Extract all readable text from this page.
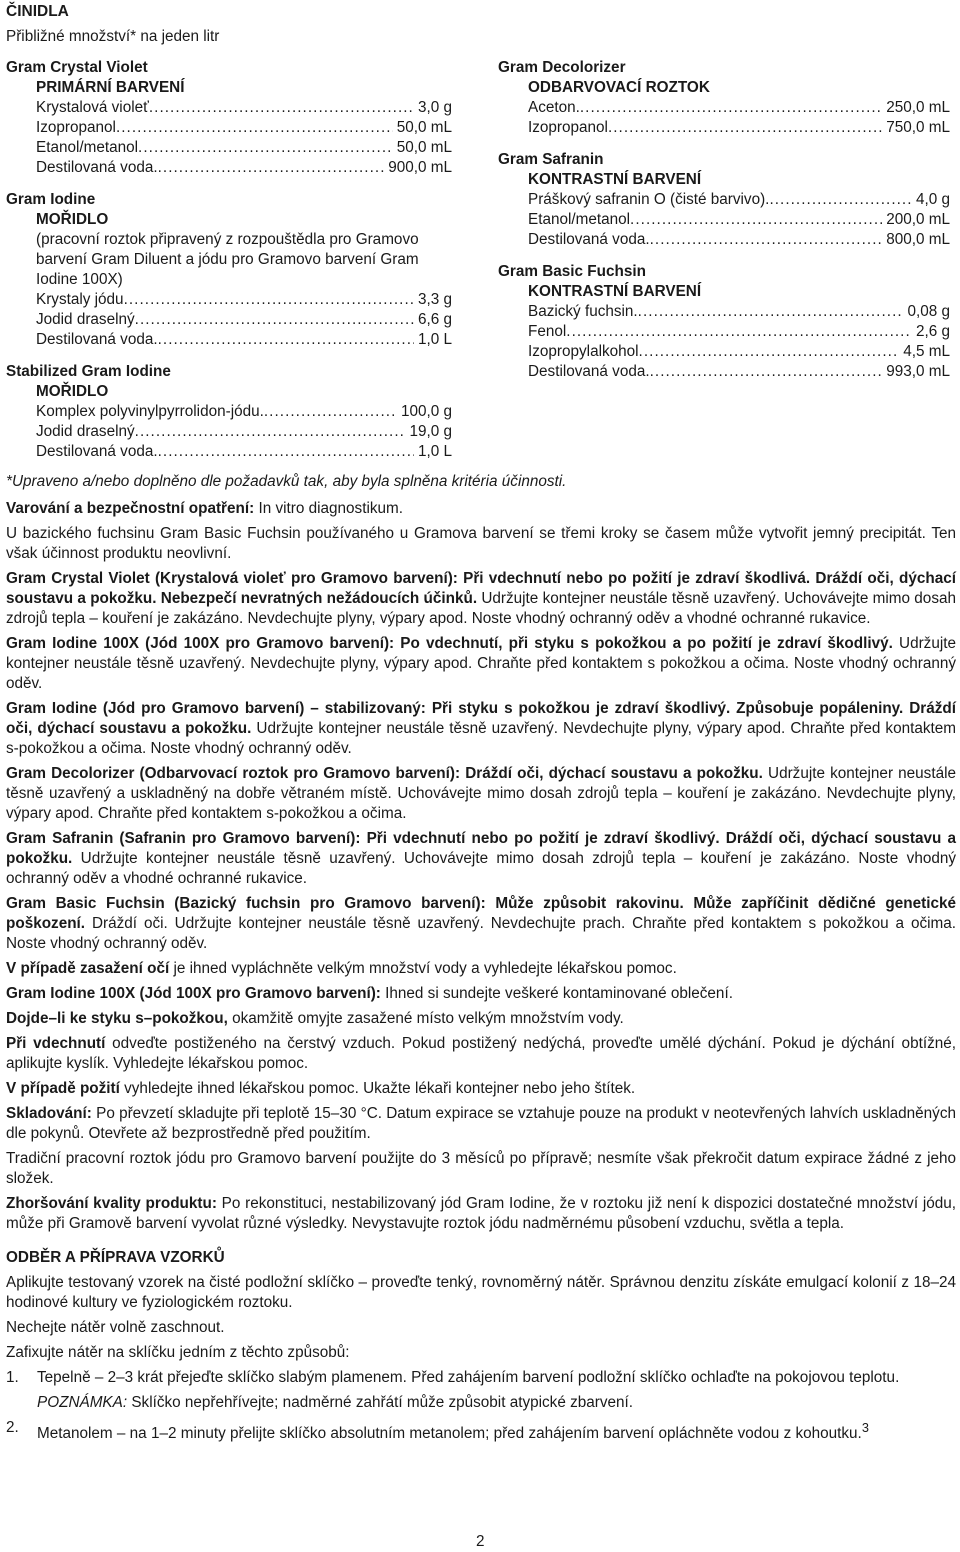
ČINIDLA
Přibližné množství* na jeden litr
Gram Crystal Violet
PRIMÁRNÍ BARVENÍ
Krystalová violeť . . .	3,0 g
Izopropanol . . .	50,0 mL
Etanol/metanol . . .	50,0 mL
Destilovaná voda. . . .	900,0 mL
Gram Iodine
MOŘIDLO
(pracovní roztok připravený z rozpouštědla pro Gramovo barvení Gram Diluent a jódu pro Gramovo barvení Gram Iodine 100X)
Krystaly jódu . . .	3,3 g
Jodid draselný . . .	6,6 g
Destilovaná voda. . . .	1,0 L
Stabilized Gram Iodine
MOŘIDLO
Komplex polyvinylpyrrolidon-jódu. . . .	100,0 g
Jodid draselný . . .	19,0 g
Destilovaná voda. . . .	1,0 L
Gram Decolorizer
ODBARVOVACÍ ROZTOK
Aceton. . . .	250,0 mL
Izopropanol . . .	750,0 mL
Gram Safranin
KONTRASTNÍ BARVENÍ
Práškový safranin O (čisté barvivo). . . .	4,0 g
Etanol/metanol . . .	200,0 mL
Destilovaná voda. . . .	800,0 mL
Gram Basic Fuchsin
KONTRASTNÍ BARVENÍ
Bazický fuchsin. . . .	0,08 g
Fenol . . .	2,6 g
Izopropylalkohol . . .	4,5 mL
Destilovaná voda. . . .	993,0 mL
*Upraveno a/nebo doplněno dle požadavků tak, aby byla splněna kritéria účinnosti.
Varování a bezpečnostní opatření: In vitro diagnostikum.
U bazického fuchsinu Gram Basic Fuchsin používaného u Gramova barvení se třemi kroky se časem může vytvořit jemný precipitát. Ten však účinnost produktu neovlivní.
Gram Crystal Violet (Krystalová violeť pro Gramovo barvení): Při vdechnutí nebo po požití je zdraví škodlivá. Dráždí oči, dýchací soustavu a pokožku. Nebezpečí nevratných nežádoucích účinků. Udržujte kontejner neustále těsně uzavřený. Uchovávejte mimo dosah zdrojů tepla – kouření je zakázáno. Nevdechujte plyny, výpary apod. Noste vhodný ochranný oděv a vhodné ochranné rukavice.
Gram Iodine 100X (Jód 100X pro Gramovo barvení): Po vdechnutí, při styku s pokožkou a po požití je zdraví škodlivý. Udržujte kontejner neustále těsně uzavřený. Nevdechujte plyny, výpary apod. Chraňte před kontaktem s pokožkou a očima. Noste vhodný ochranný oděv.
Gram Iodine (Jód pro Gramovo barvení) – stabilizovaný: Při styku s pokožkou je zdraví škodlivý. Způsobuje popáleniny. Dráždí oči, dýchací soustavu a pokožku. Udržujte kontejner neustále těsně uzavřený. Nevdechujte plyny, výpary apod. Chraňte před kontaktem s-pokožkou a očima. Noste vhodný ochranný oděv.
Gram Decolorizer (Odbarvovací roztok pro Gramovo barvení): Dráždí oči, dýchací soustavu a pokožku. Udržujte kontejner neustále těsně uzavřený a uskladněný na dobře větraném místě. Uchovávejte mimo dosah zdrojů tepla – kouření je zakázáno. Nevdechujte plyny, výpary apod. Chraňte před kontaktem s-pokožkou a očima.
Gram Safranin (Safranin pro Gramovo barvení): Při vdechnutí nebo po požití je zdraví škodlivý. Dráždí oči, dýchací soustavu a pokožku. Udržujte kontejner neustále těsně uzavřený. Uchovávejte mimo dosah zdrojů tepla – kouření je zakázáno. Noste vhodný ochranný oděv a vhodné ochranné rukavice.
Gram Basic Fuchsin (Bazický fuchsin pro Gramovo barvení): Může způsobit rakovinu. Může zapříčinit dědičné genetické poškození. Dráždí oči. Udržujte kontejner neustále těsně uzavřený. Nevdechujte prach. Chraňte před kontaktem s pokožkou a očima. Noste vhodný ochranný oděv.
V případě zasažení očí je ihned vypláchněte velkým množství vody a vyhledejte lékařskou pomoc.
Gram Iodine 100X (Jód 100X pro Gramovo barvení): Ihned si sundejte veškeré kontaminované oblečení.
Dojde–li ke styku s–pokožkou, okamžitě omyjte zasažené místo velkým množstvím vody.
Při vdechnutí odveďte postiženého na čerstvý vzduch. Pokud postižený nedýchá, proveďte umělé dýchání. Pokud je dýchání obtížné, aplikujte kyslík. Vyhledejte lékařskou pomoc.
V případě požití vyhledejte ihned lékařskou pomoc. Ukažte lékaři kontejner nebo jeho štítek.
Skladování: Po převzetí skladujte při teplotě 15–30 °C. Datum expirace se vztahuje pouze na produkt v neotevřených lahvích uskladněných dle pokynů. Otevřete až bezprostředně před použitím.
Tradiční pracovní roztok jódu pro Gramovo barvení použijte do 3 měsíců po přípravě; nesmíte však překročit datum expirace žádné z jeho složek.
Zhoršování kvality produktu: Po rekonstituci, nestabilizovaný jód Gram Iodine, že v roztoku již není k dispozici dostatečné množství jódu, může při Gramově barvení vyvolat různé výsledky. Nevystavujte roztok jódu nadměrnému působení vzduchu, světla a tepla.
ODBĚR A PŘÍPRAVA VZORKŮ
Aplikujte testovaný vzorek na čisté podložní sklíčko – proveďte tenký, rovnoměrný nátěr. Správnou denzitu získáte emulgací kolonií z 18–24 hodinové kultury ve fyziologickém roztoku.
Nechejte nátěr volně zaschnout.
Zafixujte nátěr na sklíčku jedním z těchto způsobů:
1.	Tepelně – 2–3 krát přejeďte sklíčko slabým plamenem. Před zahájením barvení podložní sklíčko ochlaďte na pokojovou teplotu.
POZNÁMKA: Sklíčko nepřehřívejte; nadměrné zahřátí může způsobit atypické zbarvení.
2.	Metanolem – na 1–2 minuty přelijte sklíčko absolutním metanolem; před zahájením barvení opláchněte vodou z kohoutku.$^3$
2
